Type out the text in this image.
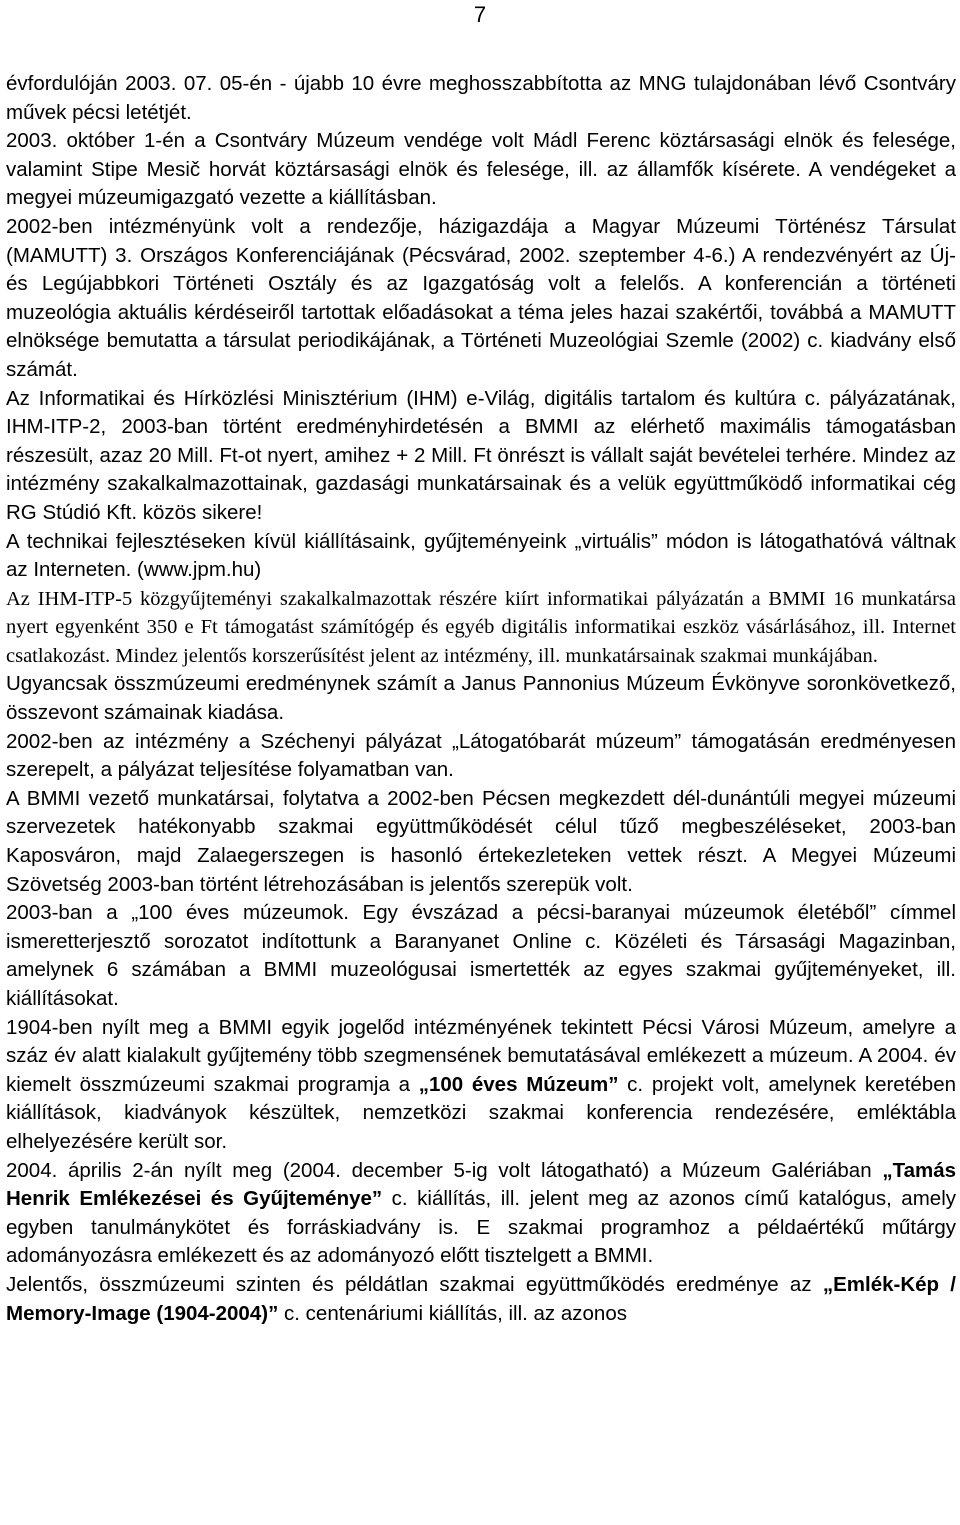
7

évfordulóján 2003. 07. 05-én - újabb 10 évre meghosszabbította az MNG tulajdonában lévő Csontváry művek pécsi letétjét.

2003. október 1-én a Csontváry Múzeum vendége volt Mádl Ferenc köztársasági elnök és felesége, valamint Stipe Mesič horvát köztársasági elnök és felesége, ill. az államfők kísérete. A vendégeket a megyei múzeumigazgató vezette a kiállításban.

2002-ben intézményünk volt a rendezője, házigazdája a Magyar Múzeumi Történész Társulat (MAMUTT) 3. Országos Konferenciájának (Pécsvárad, 2002. szeptember 4-6.) A rendezvényért az Új- és Legújabbkori Történeti Osztály és az Igazgatóság volt a felelős. A konferencián a történeti muzeológia aktuális kérdéseiről tartottak előadásokat a téma jeles hazai szakértői, továbbá a MAMUTT elnöksége bemutatta a társulat periodikájának, a Történeti Muzeológiai Szemle (2002) c. kiadvány első számát.

Az Informatikai és Hírközlési Minisztérium (IHM) e-Világ, digitális tartalom és kultúra c. pályázatának, IHM-ITP-2, 2003-ban történt eredményhirdetésén a BMMI az elérhető maximális támogatásban részesült, azaz 20 Mill. Ft-ot nyert, amihez + 2 Mill. Ft önrészt is vállalt saját bevételei terhére. Mindez az intézmény szakalkalmazottainak, gazdasági munkatársainak és a velük együttműködő informatikai cég RG Stúdió Kft. közös sikere!

A technikai fejlesztéseken kívül kiállításaink, gyűjteményeink „virtuális” módon is látogathatóvá váltnak az Interneten. (www.jpm.hu)

Az IHM-ITP-5 közgyűjteményi szakalkalmazottak részére kiírt informatikai pályázatán a BMMI 16 munkatársa nyert egyenként 350 e Ft támogatást számítógép és egyéb digitális informatikai eszköz vásárlásához, ill. Internet csatlakozást. Mindez jelentős korszerűsítést jelent az intézmény, ill. munkatársainak szakmai munkájában.

Ugyancsak összmúzeumi eredménynek számít a Janus Pannonius Múzeum Évkönyve soronkövetkező, összevont számainak kiadása.

2002-ben az intézmény a Széchenyi pályázat „Látogatóbarát múzeum” támogatásán eredményesen szerepelt, a pályázat teljesítése folyamatban van.

A BMMI vezető munkatársai, folytatva a 2002-ben Pécsen megkezdett dél-dunántúli megyei múzeumi szervezetek hatékonyabb szakmai együttműködését célul tűző megbeszéléseket, 2003-ban Kaposváron, majd Zalaegerszegen is hasonló értekezleteken vettek részt. A Megyei Múzeumi Szövetség 2003-ban történt létrehozásában is jelentős szerepük volt.

2003-ban a „100 éves múzeumok. Egy évszázad a pécsi-baranyai múzeumok életéből” címmel ismeretterjesztő sorozatot indítottunk a Baranyanet Online c. Közéleti és Társasági Magazinban, amelynek 6 számában a BMMI muzeológusai ismertették az egyes szakmai gyűjteményeket, ill. kiállításokat.

1904-ben nyílt meg a BMMI egyik jogelőd intézményének tekintett Pécsi Városi Múzeum, amelyre a száz év alatt kialakult gyűjtemény több szegmensének bemutatásával emlékezett a múzeum. A 2004. év kiemelt összmúzeumi szakmai programja a „100 éves Múzeum” c. projekt volt, amelynek keretében kiállítások, kiadványok készültek, nemzetközi szakmai konferencia rendezésére, emléktábla elhelyezésére került sor.

2004. április 2-án nyílt meg (2004. december 5-ig volt látogatható) a Múzeum Galériában „Tamás Henrik Emlékezései és Gyűjteménye” c. kiállítás, ill. jelent meg az azonos című katalógus, amely egyben tanulmánykötet és forráskiadvány is. E szakmai programhoz a példaértékű műtárgy adományozásra emlékezett és az adományozó előtt tisztelgett a BMMI.

Jelentős, összmúzeumi szinten és példátlan szakmai együttműködés eredménye az „Emlék-Kép / Memory-Image (1904-2004)” c. centenáriumi kiállítás, ill. az azonos
